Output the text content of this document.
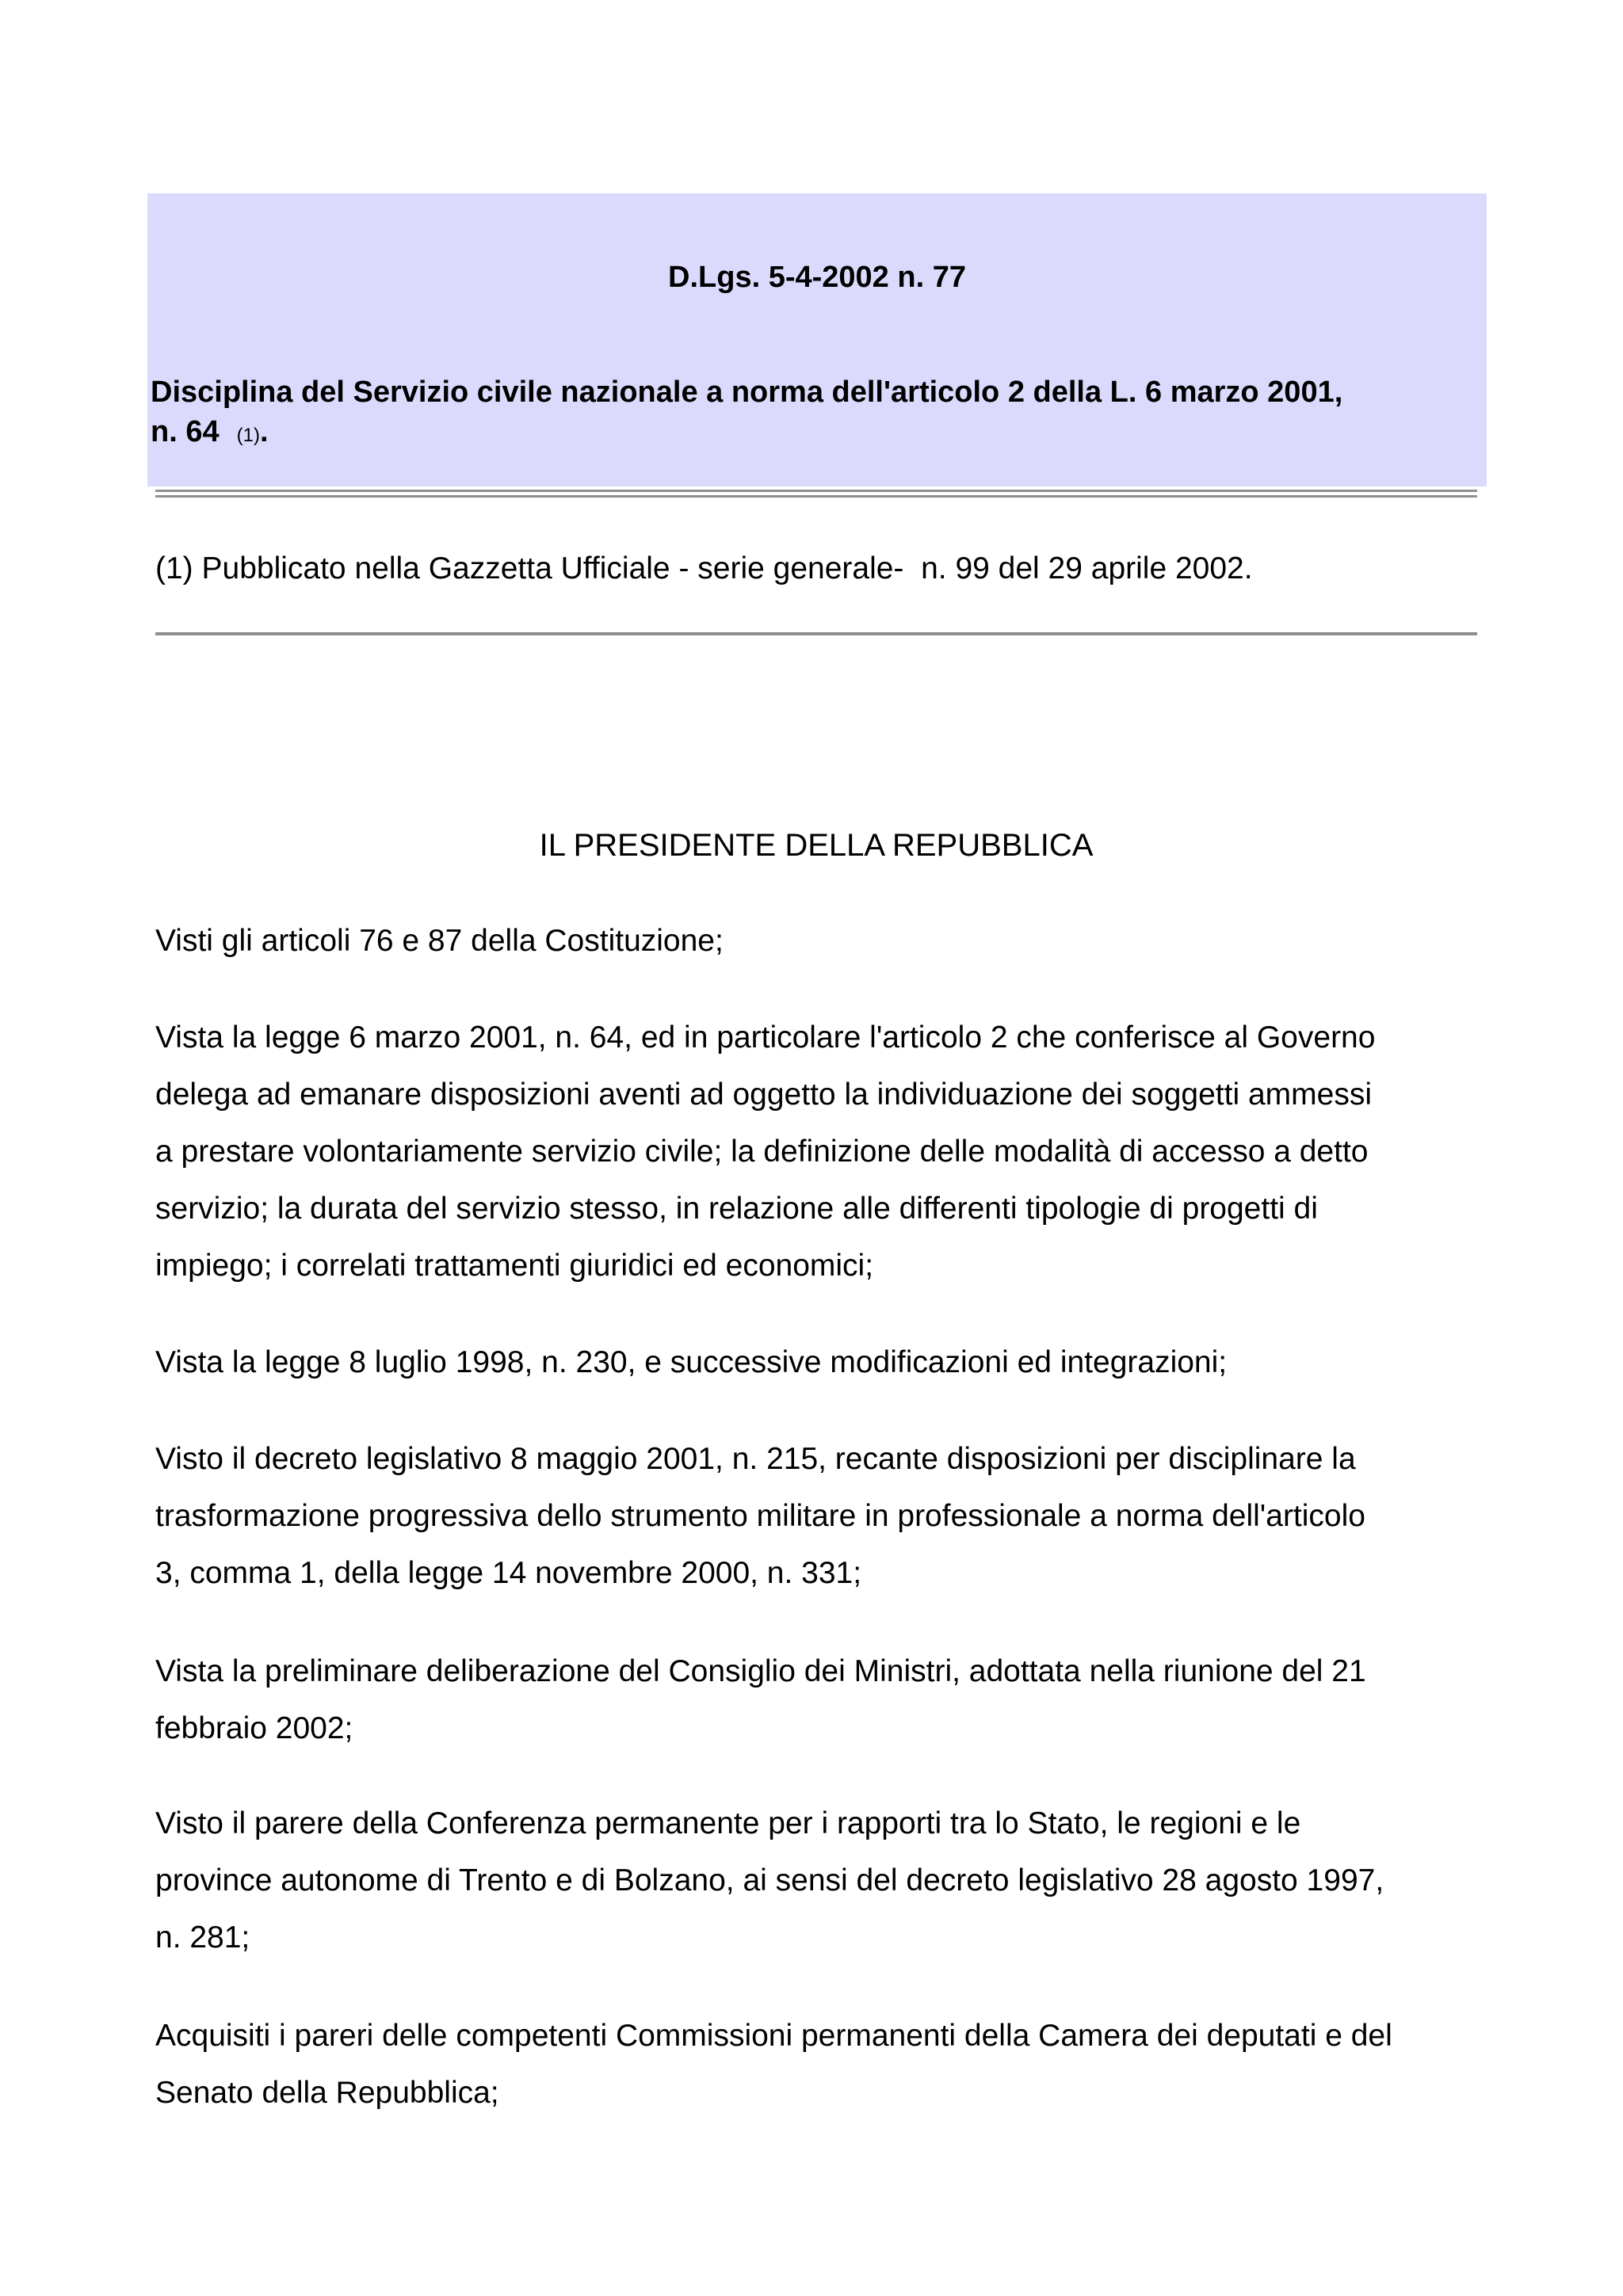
D.Lgs. 5-4-2002 n. 77
Disciplina del Servizio civile nazionale a norma dell'articolo 2 della L. 6 marzo 2001,
n. 64 (1).
(1) Pubblicato nella Gazzetta Ufficiale - serie generale-  n. 99 del 29 aprile 2002.
IL PRESIDENTE DELLA REPUBBLICA

Visti gli articoli 76 e 87 della Costituzione;

Vista la legge 6 marzo 2001, n. 64, ed in particolare l'articolo 2 che conferisce al Governo
delega ad emanare disposizioni aventi ad oggetto la individuazione dei soggetti ammessi
a prestare volontariamente servizio civile; la definizione delle modalità di accesso a detto
servizio; la durata del servizio stesso, in relazione alle differenti tipologie di progetti di
impiego; i correlati trattamenti giuridici ed economici;

Vista la legge 8 luglio 1998, n. 230, e successive modificazioni ed integrazioni;

Visto il decreto legislativo 8 maggio 2001, n. 215, recante disposizioni per disciplinare la
trasformazione progressiva dello strumento militare in professionale a norma dell'articolo
3, comma 1, della legge 14 novembre 2000, n. 331;

Vista la preliminare deliberazione del Consiglio dei Ministri, adottata nella riunione del 21
febbraio 2002;

Visto il parere della Conferenza permanente per i rapporti tra lo Stato, le regioni e le
province autonome di Trento e di Bolzano, ai sensi del decreto legislativo 28 agosto 1997,
n. 281;

Acquisiti i pareri delle competenti Commissioni permanenti della Camera dei deputati e del
Senato della Repubblica;
